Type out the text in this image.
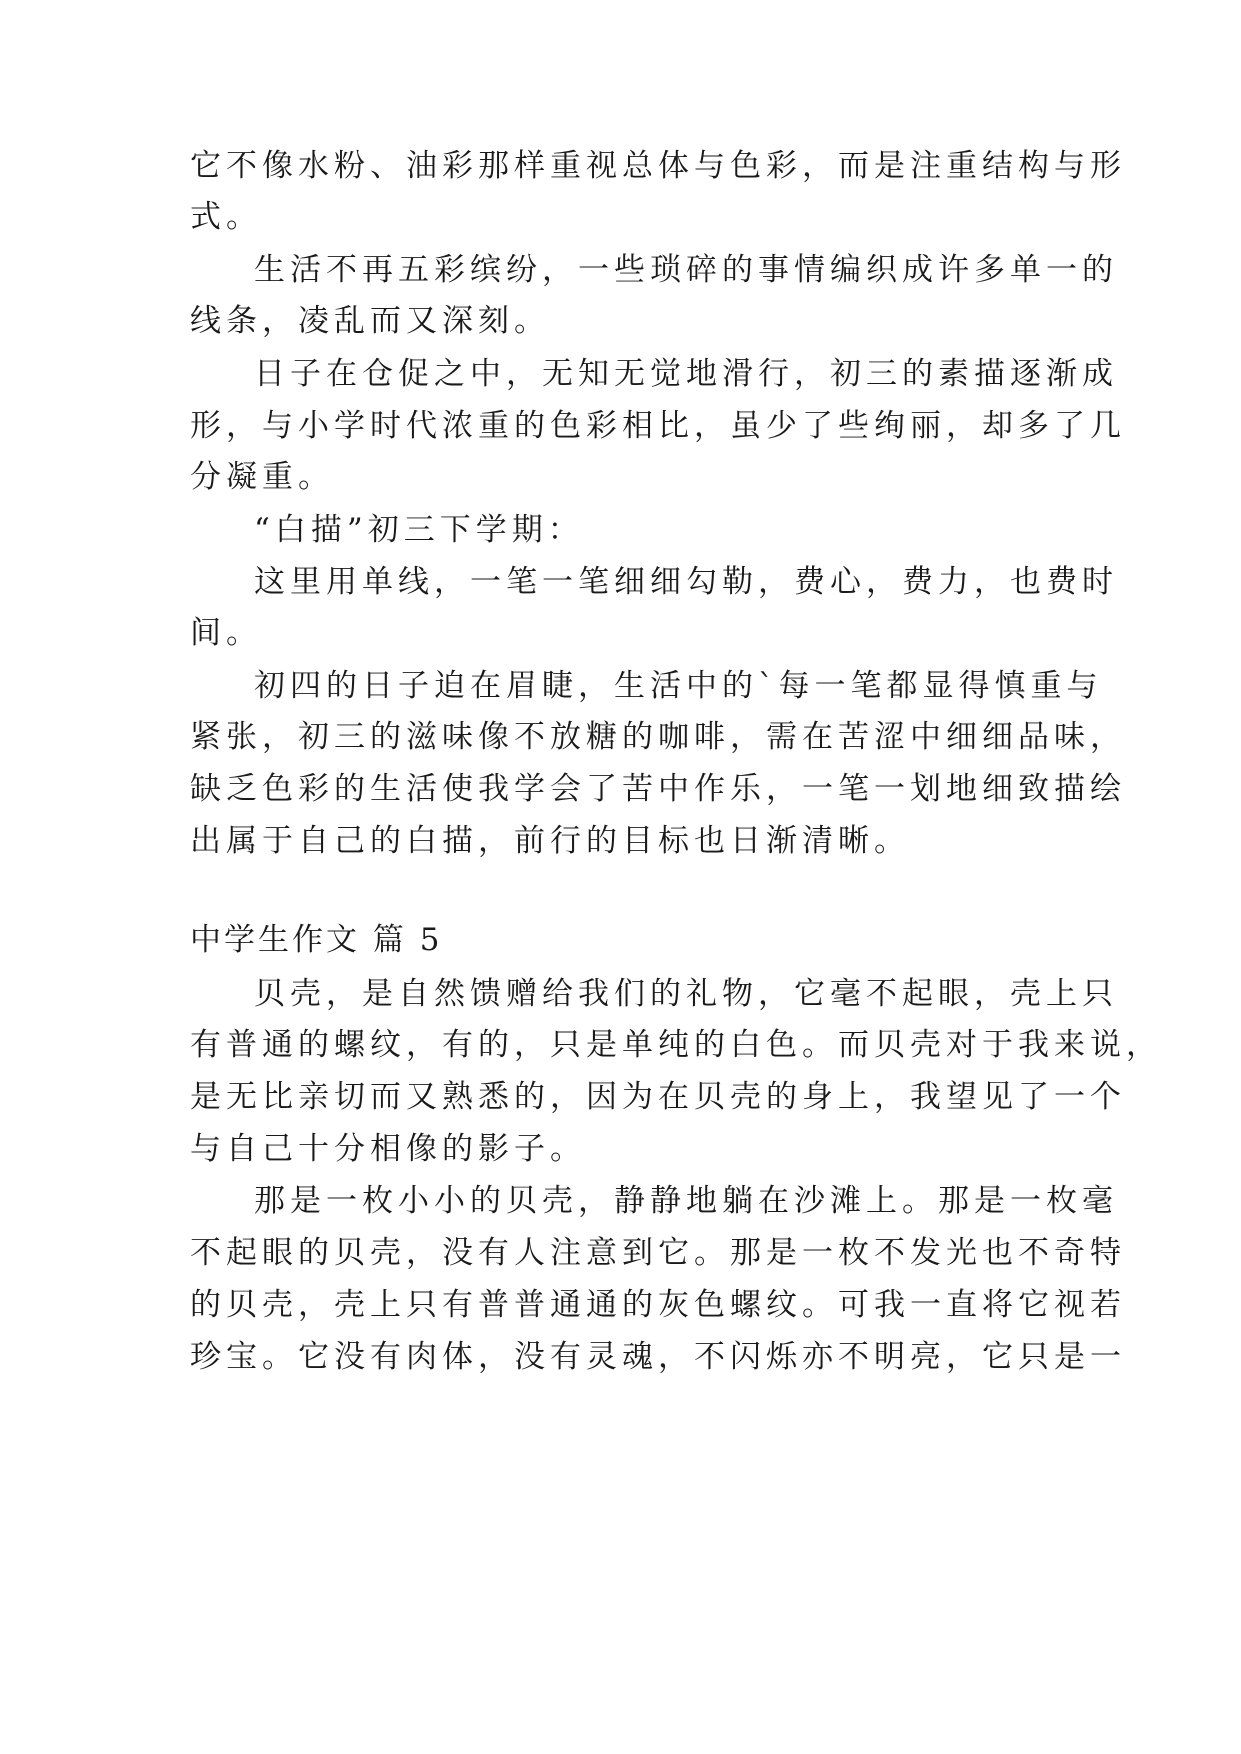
它不像水粉、油彩那样重视总体与色彩，而是注重结构与形
式。
生活不再五彩缤纷，一些琐碎的事情编织成许多单一的
线条，凌乱而又深刻。
日子在仓促之中，无知无觉地滑行，初三的素描逐渐成
形，与小学时代浓重的色彩相比，虽少了些绚丽，却多了几
分凝重。
“白描”初三下学期：
这里用单线，一笔一笔细细勾勒，费心，费力，也费时
间。
初四的日子迫在眉睫，生活中的`每一笔都显得慎重与
紧张，初三的滋味像不放糖的咖啡，需在苦涩中细细品味，
缺乏色彩的生活使我学会了苦中作乐，一笔一划地细致描绘
出属于自己的白描，前行的目标也日渐清晰。
中学生作文 篇 5
贝壳，是自然馈赠给我们的礼物，它毫不起眼，壳上只
有普通的螺纹，有的，只是单纯的白色。而贝壳对于我来说，
是无比亲切而又熟悉的，因为在贝壳的身上，我望见了一个
与自己十分相像的影子。
那是一枚小小的贝壳，静静地躺在沙滩上。那是一枚毫
不起眼的贝壳，没有人注意到它。那是一枚不发光也不奇特
的贝壳，壳上只有普普通通的灰色螺纹。可我一直将它视若
珍宝。它没有肉体，没有灵魂，不闪烁亦不明亮，它只是一
